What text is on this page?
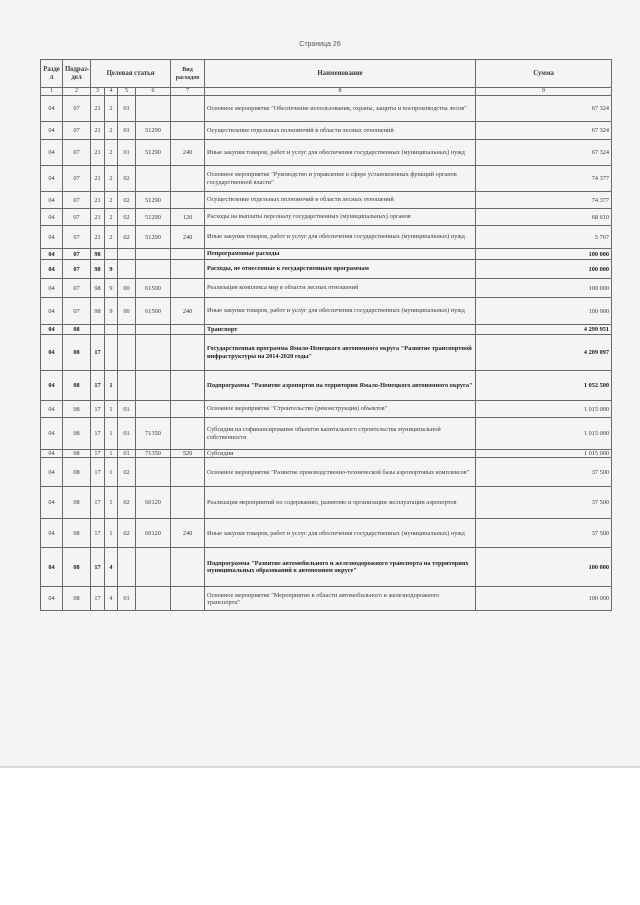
Страница 26
Разде л	Подраз- дел	Целевая статья				Вид расходов	Наименование	Сумма
1	2	3	4	5	6	7	8	9
04	07	21	2	01			Основное мероприятие "Обеспечение использования, охраны, защиты и воспроизводства лесов"	67 324
04	07	21	2	01	51290		Осуществление отдельных полномочий в области лесных отношений	67 324
04	07	21	2	01	51290	240	Иные закупки товаров, работ и услуг для обеспечения государственных (муниципальных) нужд	67 324
04	07	21	2	02			Основное мероприятие "Руководство и управление в сфере установленных функций органов государственной власти"	74 377
04	07	21	2	02	51290		Осуществление отдельных полномочий в области лесных отношений	74 377
04	07	21	2	02	51290	120	Расходы на выплаты персоналу государственных (муниципальных) органов	68 610
04	07	21	2	02	51290	240	Иные закупки товаров, работ и услуг для обеспечения государственных (муниципальных) нужд	5 767
04	07	98					Непрограммные расходы	100 000
04	07	98	9				Расходы, не отнесенные к государственным программам	100 000
04	07	98	9	00	61500		Реализация комплекса мер в области лесных отношений	100 000
04	07	98	9	00	61500	240	Иные закупки товаров, работ и услуг для обеспечения государственных (муниципальных) нужд	100 000
04	08						Транспорт	4 299 951
04	08	17					Государственная программа Ямало-Ненецкого автономного округа "Развитие транспортной инфраструктуры на 2014-2020 годы"	4 209 097
04	08	17	1				Подпрограмма "Развитие аэропортов на территории Ямало-Ненецкого автономного округа"	1 052 500
04	08	17	1	01			Основное мероприятие "Строительство (реконструкция) объектов"	1 015 000
04	08	17	1	01	71350		Субсидии на софинансирование объектов капитального строительства муниципальной собственности	1 015 000
04	08	17	1	01	71350	520	Субсидии	1 015 000
04	08	17	1	02			Основное мероприятие "Развитие производственно-технической базы аэропортовых комплексов"	37 500
04	08	17	1	02	60120		Реализация мероприятий по содержанию, развитию и организации эксплуатации аэропортов	37 500
04	08	17	1	02	60120	240	Иные закупки товаров, работ и услуг для обеспечения государственных (муниципальных) нужд	37 500
04	08	17	4				Подпрограмма "Развитие автомобильного и железнодорожного транспорта на территориях муниципальных образований в автономном округе"	100 000
04	08	17	4	01			Основное мероприятие "Мероприятие в области автомобильного и железнодорожного транспорта"	100 000
